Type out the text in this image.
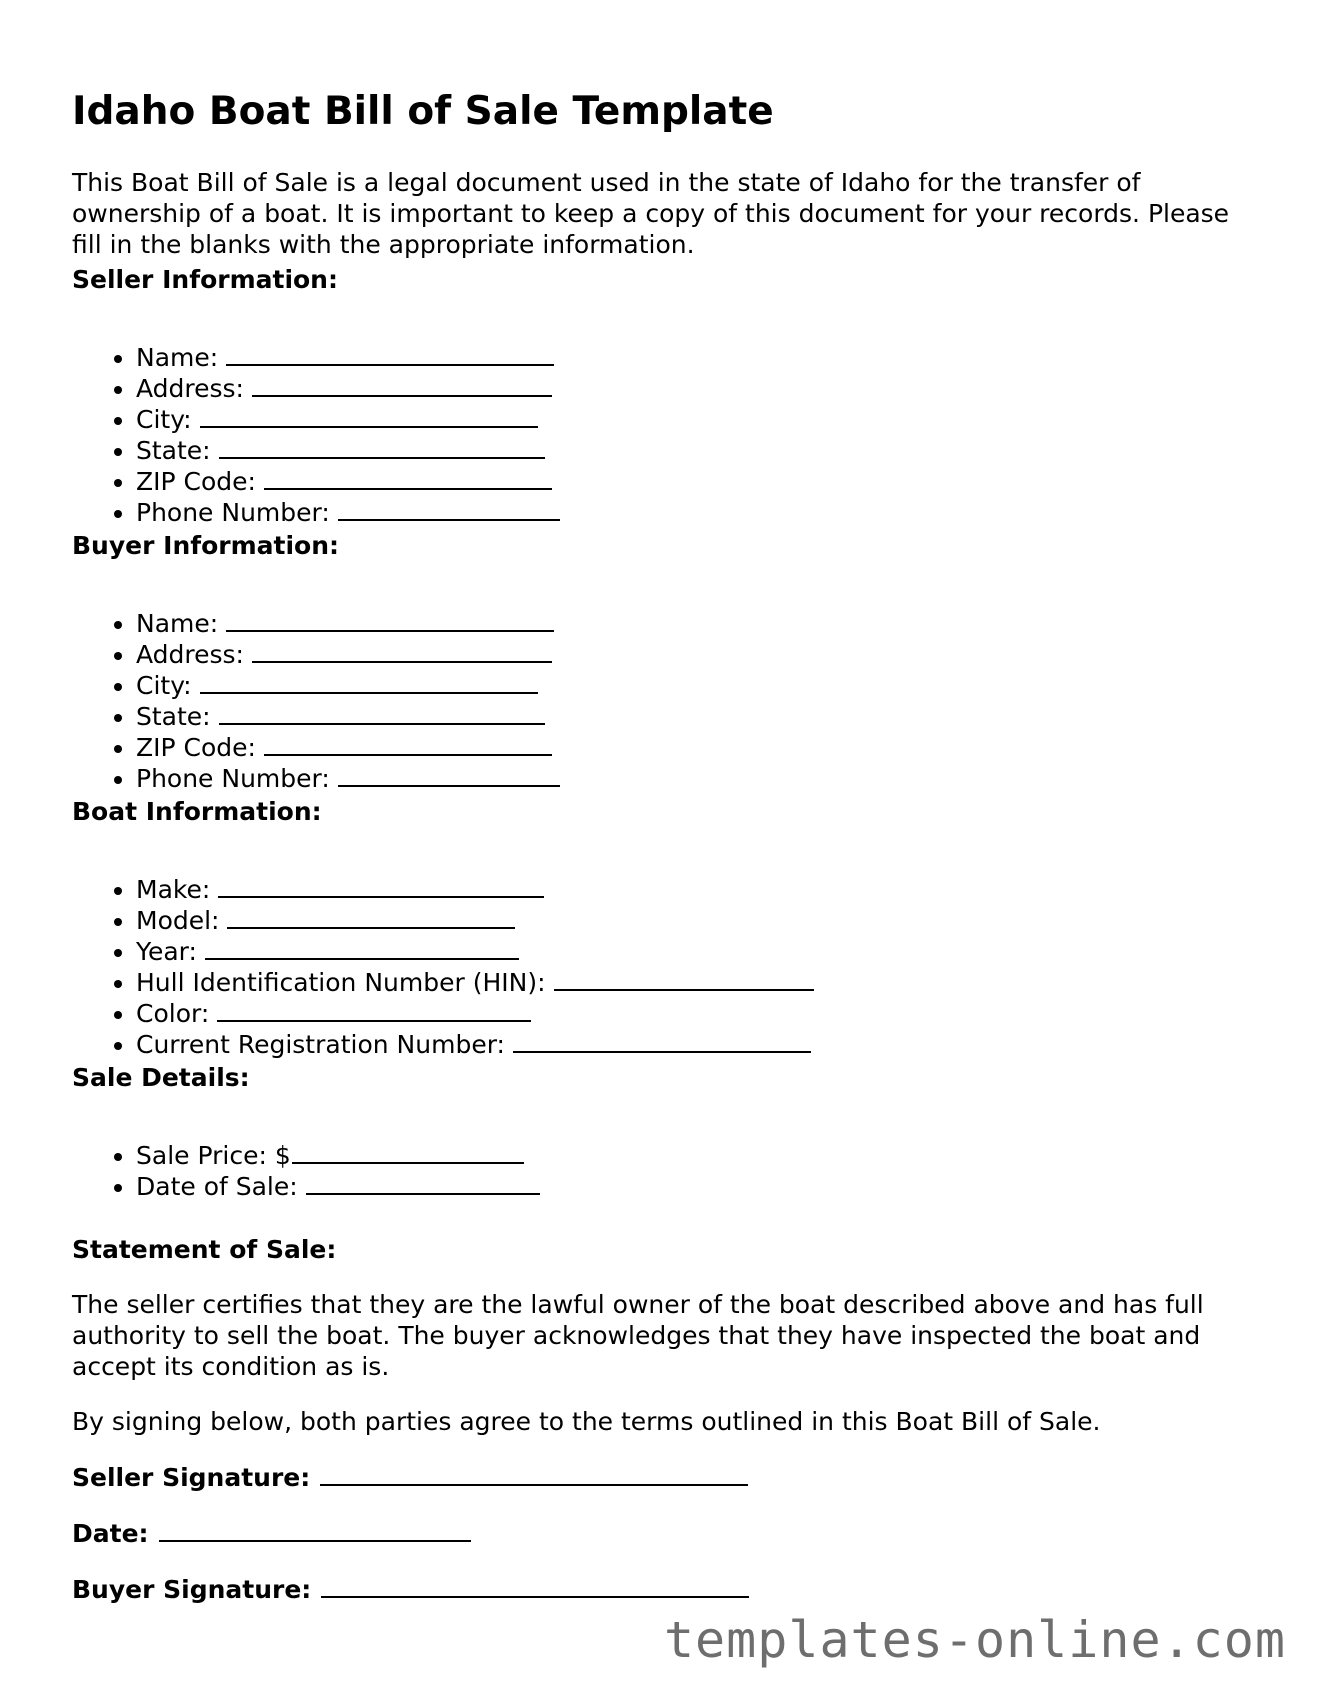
Idaho Boat Bill of Sale Template

This Boat Bill of Sale is a legal document used in the state of Idaho for the transfer of ownership of a boat. It is important to keep a copy of this document for your records. Please fill in the blanks with the appropriate information.

Seller Information:
• Name:
• Address:
• City:
• State:
• ZIP Code:
• Phone Number:
Buyer Information:
• Name:
• Address:
• City:
• State:
• ZIP Code:
• Phone Number:
Boat Information:
• Make:
• Model:
• Year:
• Hull Identification Number (HIN):
• Color:
• Current Registration Number:
Sale Details:
• Sale Price: $
• Date of Sale:
Statement of Sale:

The seller certifies that they are the lawful owner of the boat described above and has full authority to sell the boat. The buyer acknowledges that they have inspected the boat and accept its condition as is.

By signing below, both parties agree to the terms outlined in this Boat Bill of Sale.

Seller Signature:
Date:
Buyer Signature:
templates-online.com
